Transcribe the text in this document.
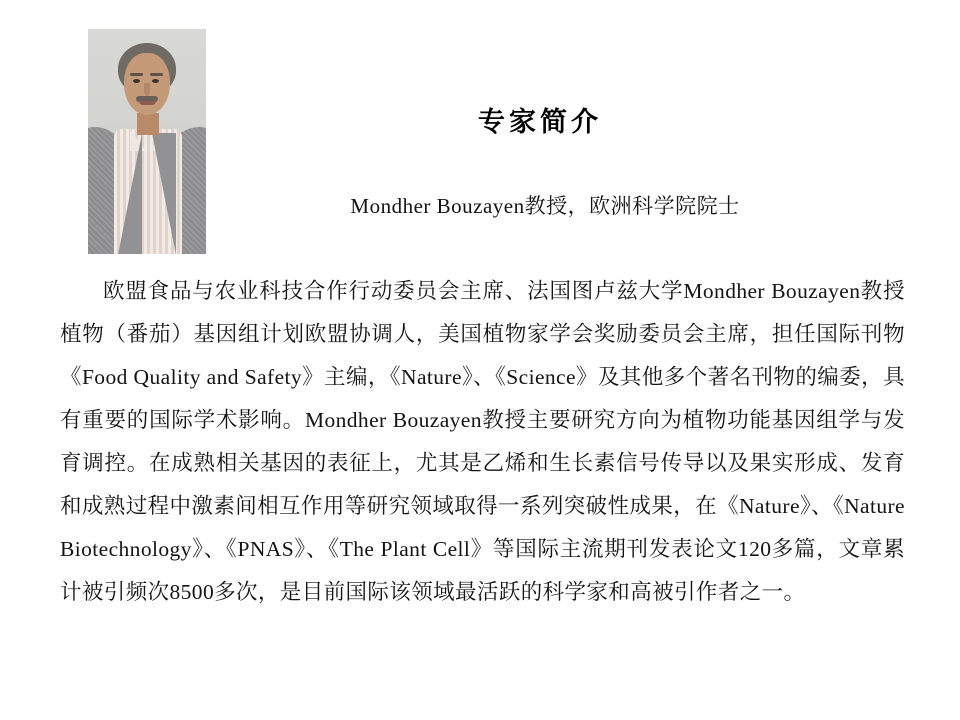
专家简介
Mondher Bouzayen教授，欧洲科学院院士
欧盟食品与农业科技合作行动委员会主席、法国图卢兹大学Mondher Bouzayen教授植物（番茄）基因组计划欧盟协调人，美国植物家学会奖励委员会主席，担任国际刊物《Food Quality and Safety》主编，《Nature》、《Science》及其他多个著名刊物的编委，具有重要的国际学术影响。Mondher Bouzayen教授主要研究方向为植物功能基因组学与发育调控。在成熟相关基因的表征上，尤其是乙烯和生长素信号传导以及果实形成、发育和成熟过程中激素间相互作用等研究领域取得一系列突破性成果，在《Nature》、《Nature Biotechnology》、《PNAS》、《The Plant Cell》等国际主流期刊发表论文120多篇，文章累计被引频次8500多次，是目前国际该领域最活跃的科学家和高被引作者之一。
